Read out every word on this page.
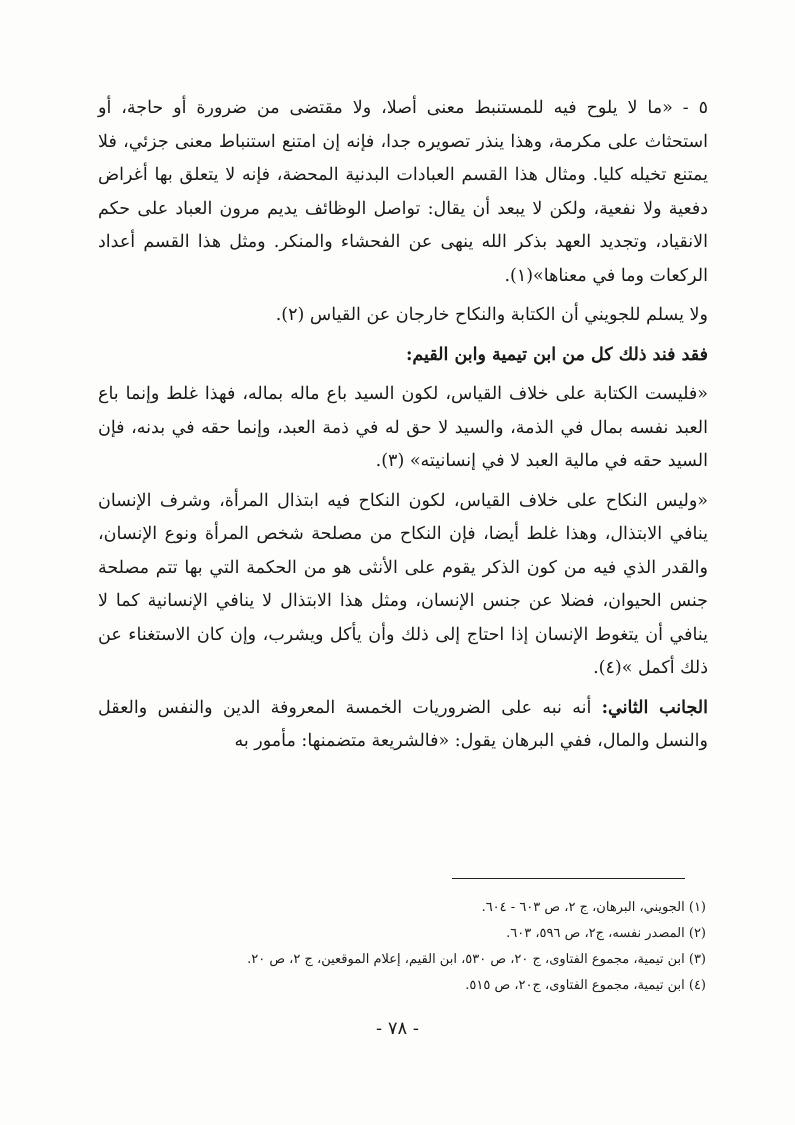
٥ - «ما لا يلوح فيه للمستنبط معنى أصلا، ولا مقتضى من ضرورة أو حاجة، أو استحثاث على مكرمة، وهذا ينذر تصويره جدا، فإنه إن امتنع استنباط معنى جزئي، فلا يمتنع تخيله كليا. ومثال هذا القسم العبادات البدنية المحضة، فإنه لا يتعلق بها أغراض دفعية ولا نفعية، ولكن لا يبعد أن يقال: تواصل الوظائف يديم مرون العباد على حكم الانقياد، وتجديد العهد بذكر الله ينهى عن الفحشاء والمنكر. ومثل هذا القسم أعداد الركعات وما في معناها»(١).

ولا يسلم للجويني أن الكتابة والنكاح خارجان عن القياس (٢).

فقد فند ذلك كل من ابن تيمية وابن القيم:

«فليست الكتابة على خلاف القياس، لكون السيد باع ماله بماله، فهذا غلط وإنما باع العبد نفسه بمال في الذمة، والسيد لا حق له في ذمة العبد، وإنما حقه في بدنه، فإن السيد حقه في مالية العبد لا في إنسانيته» (٣).

«وليس النكاح على خلاف القياس، لكون النكاح فيه ابتذال المرأة، وشرف الإنسان ينافي الابتذال، وهذا غلط أيضا، فإن النكاح من مصلحة شخص المرأة ونوع الإنسان، والقدر الذي فيه من كون الذكر يقوم على الأنثى هو من الحكمة التي بها تتم مصلحة جنس الحيوان، فضلا عن جنس الإنسان، ومثل هذا الابتذال لا ينافي الإنسانية كما لا ينافي أن يتغوط الإنسان إذا احتاج إلى ذلك وأن يأكل ويشرب، وإن كان الاستغناء عن ذلك أكمل »(٤).

الجانب الثاني: أنه نبه على الضروريات الخمسة المعروفة الدين والنفس والعقل والنسل والمال، ففي البرهان يقول: «فالشريعة متضمنها: مأمور به

(١) الجويني، البرهان، ج ٢، ص ٦٠٣ - ٦٠٤.

(٢) المصدر نفسه، ج٢، ص ٥٩٦، ٦٠٣.

(٣) ابن تيمية، مجموع الفتاوى، ج ٢٠، ص ٥٣٠، ابن القيم، إعلام الموقعين، ج ٢، ص ٢٠.

(٤) ابن تيمية، مجموع الفتاوى، ج٢٠، ص ٥١٥.

- ٧٨ -
